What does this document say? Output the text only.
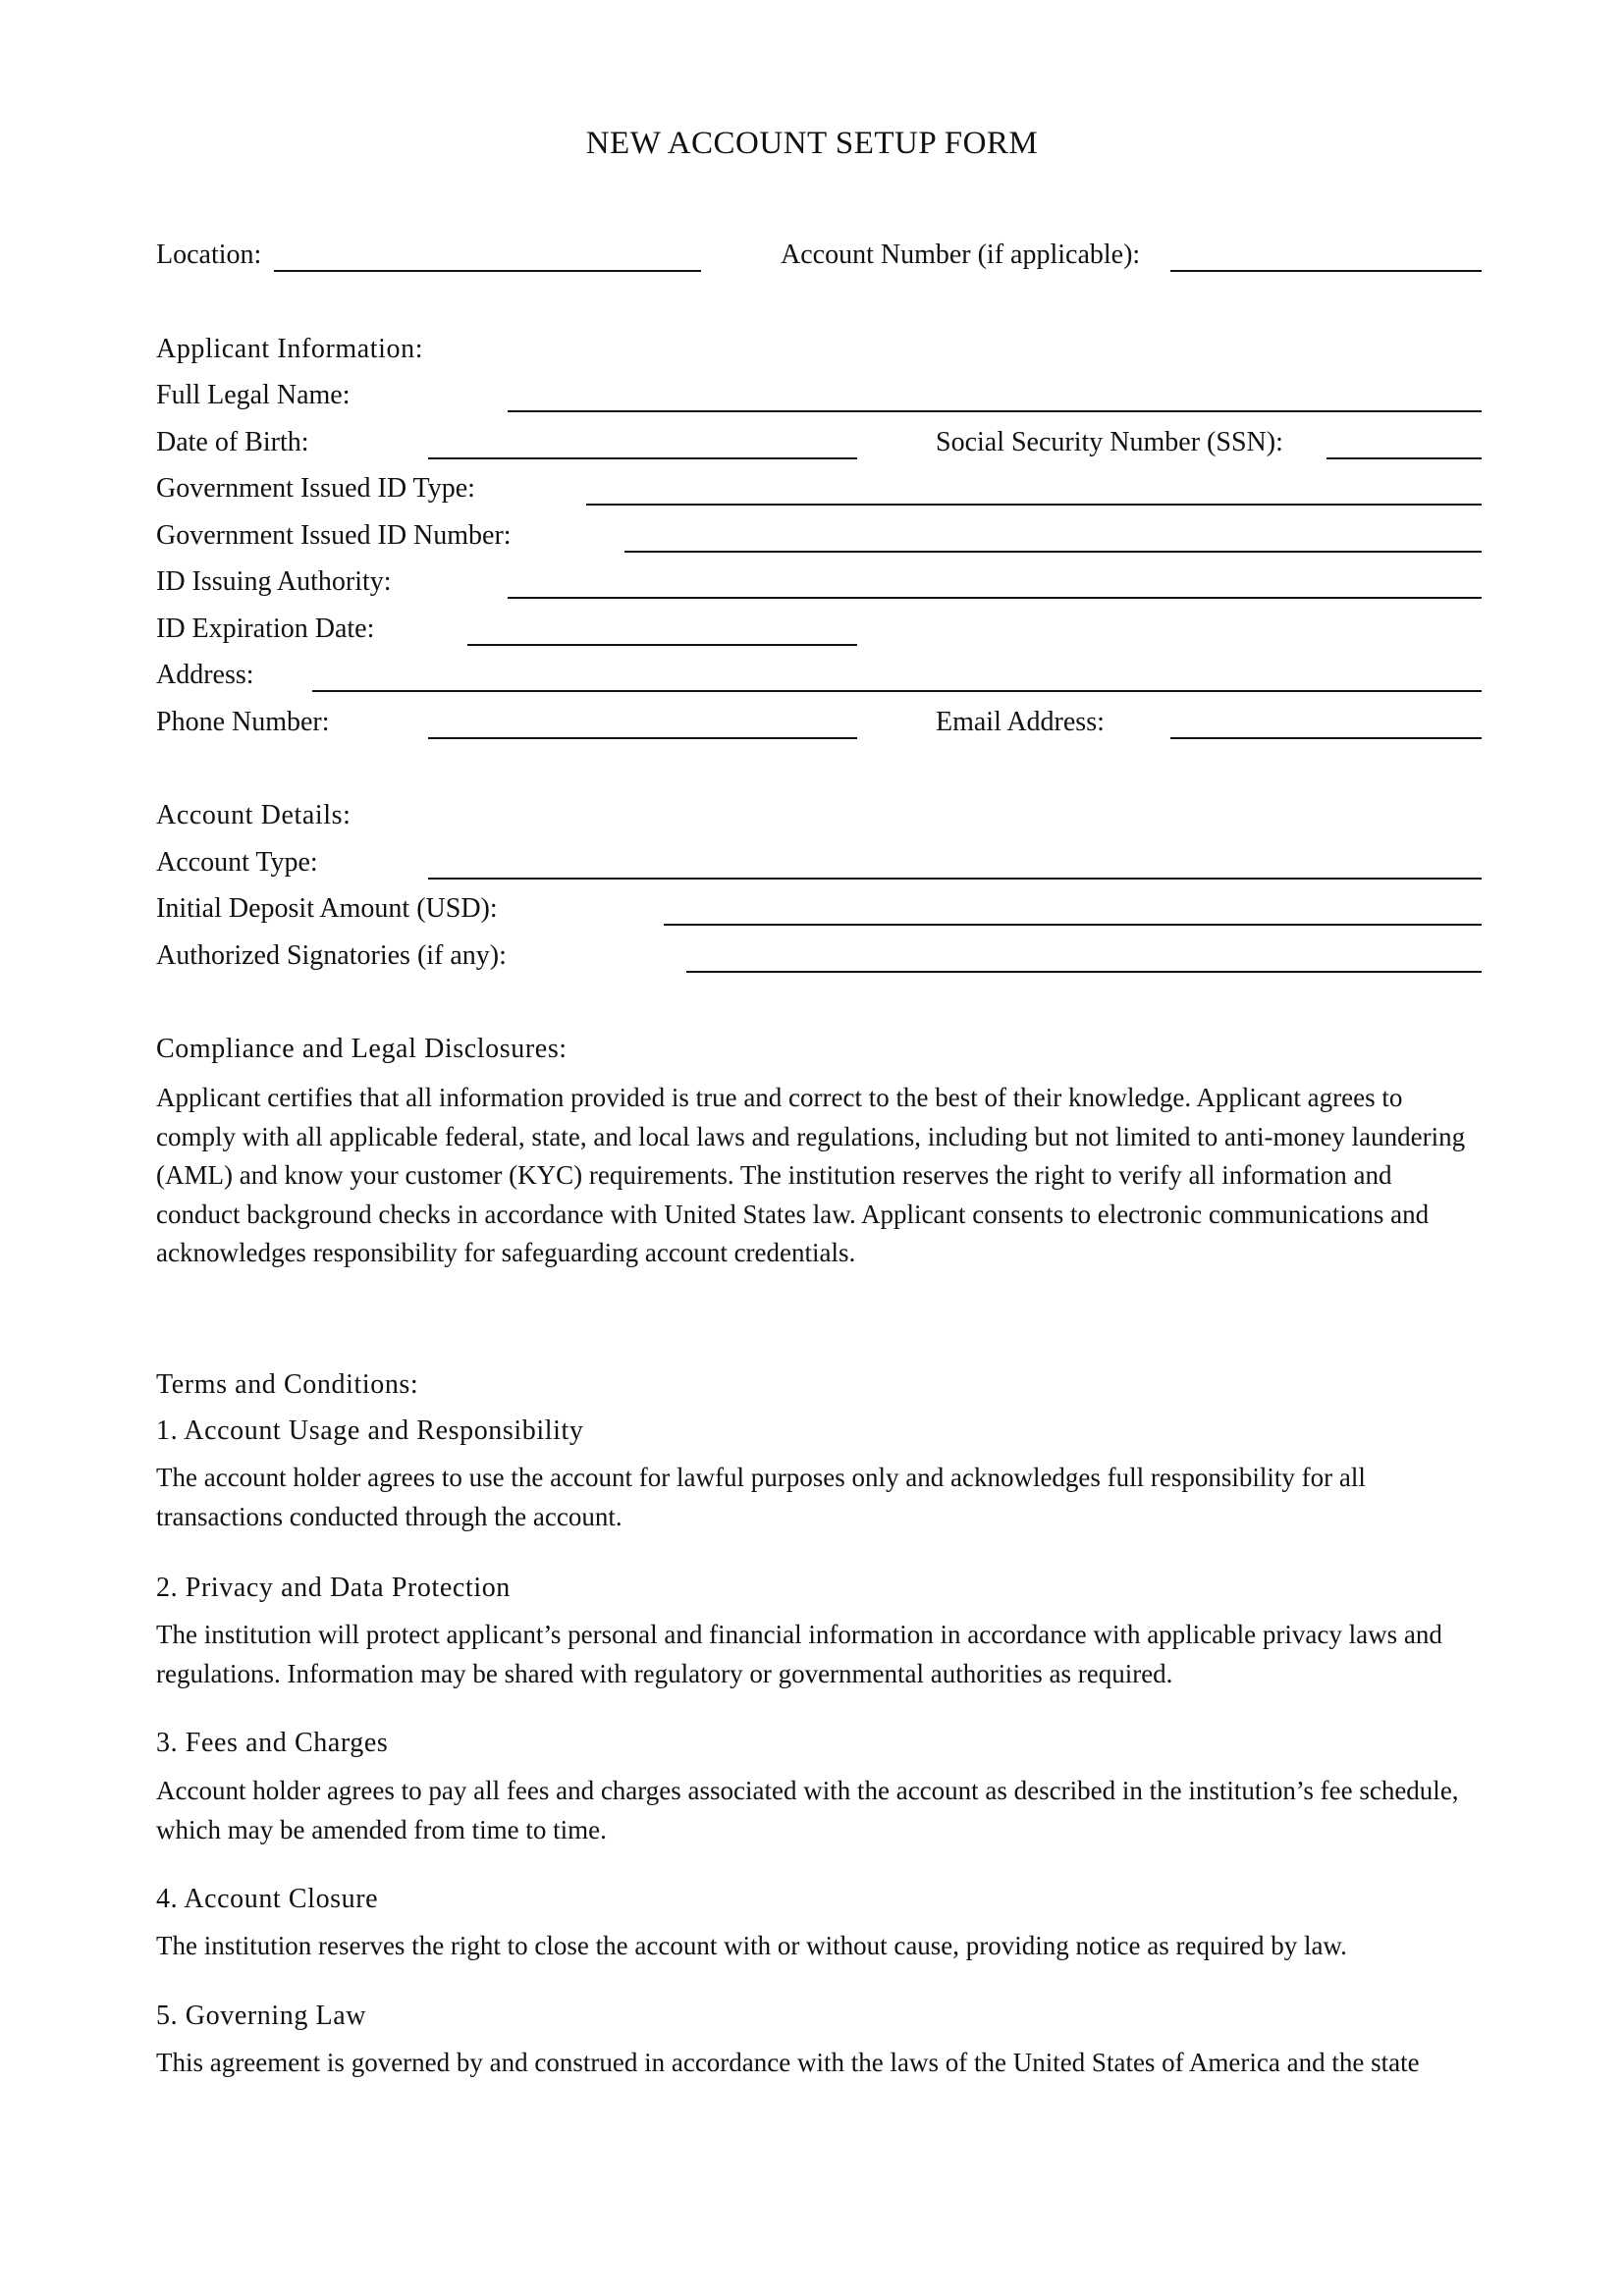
NEW ACCOUNT SETUP FORM
Location:	Account Number (if applicable):
Applicant Information:
Full Legal Name:
Date of Birth:	Social Security Number (SSN):
Government Issued ID Type:
Government Issued ID Number:
ID Issuing Authority:
ID Expiration Date:
Address:
Phone Number:	Email Address:
Account Details:
Account Type:
Initial Deposit Amount (USD):
Authorized Signatories (if any):
Compliance and Legal Disclosures:
Applicant certifies that all information provided is true and correct to the best of their knowledge. Applicant agrees to comply with all applicable federal, state, and local laws and regulations, including but not limited to anti-money laundering (AML) and know your customer (KYC) requirements. The institution reserves the right to verify all information and conduct background checks in accordance with United States law. Applicant consents to electronic communications and acknowledges responsibility for safeguarding account credentials.
Terms and Conditions:
1. Account Usage and Responsibility
The account holder agrees to use the account for lawful purposes only and acknowledges full responsibility for all transactions conducted through the account.
2. Privacy and Data Protection
The institution will protect applicant’s personal and financial information in accordance with applicable privacy laws and regulations. Information may be shared with regulatory or governmental authorities as required.
3. Fees and Charges
Account holder agrees to pay all fees and charges associated with the account as described in the institution’s fee schedule, which may be amended from time to time.
4. Account Closure
The institution reserves the right to close the account with or without cause, providing notice as required by law.
5. Governing Law
This agreement is governed by and construed in accordance with the laws of the United States of America and the state
